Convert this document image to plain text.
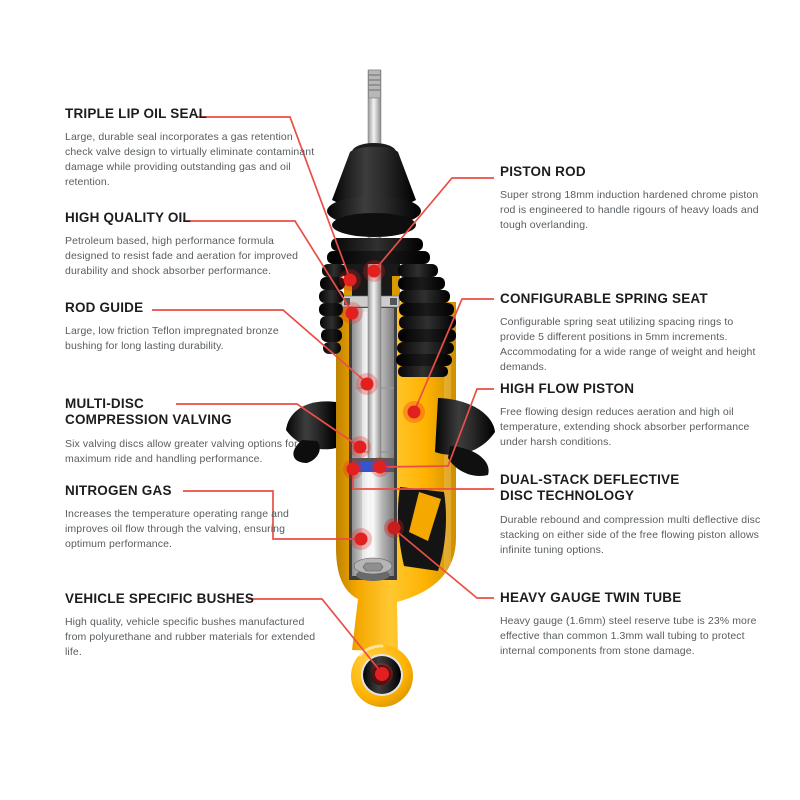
TRIPLE LIP OIL SEAL

Large, durable seal incorporates a gas retention check valve design to virtually eliminate contaminant damage while providing outstanding gas and oil retention.

HIGH QUALITY OIL

Petroleum based, high performance formula designed to resist fade and aeration for improved durability and shock absorber performance.

ROD GUIDE

Large, low friction Teflon impregnated bronze bushing for long lasting durability.

MULTI-DISC COMPRESSION VALVING

Six valving discs allow greater valving options for maximum ride and handling performance.

NITROGEN GAS

Increases the temperature operating range and improves oil flow through the valving, ensuring optimum performance.

VEHICLE SPECIFIC BUSHES

High quality, vehicle specific bushes manufactured from polyurethane and rubber materials for extended life.

PISTON ROD

Super strong 18mm induction hardened chrome piston rod is engineered to handle rigours of heavy loads and tough overlanding.

CONFIGURABLE SPRING SEAT

Configurable spring seat utilizing spacing rings to provide 5 different positions in 5mm increments. Accommodating for a wide range of weight and height demands.

HIGH FLOW PISTON

Free flowing design reduces aeration and high oil temperature, extending shock absorber performance under harsh conditions.

DUAL-STACK DEFLECTIVE DISC TECHNOLOGY

Durable rebound and compression multi deflective disc stacking on either side of the free flowing piston allows infinite tuning options.

HEAVY GAUGE TWIN TUBE

Heavy gauge (1.6mm) steel reserve tube is 23% more effective than common 1.3mm wall tubing to protect internal components from stone damage.
